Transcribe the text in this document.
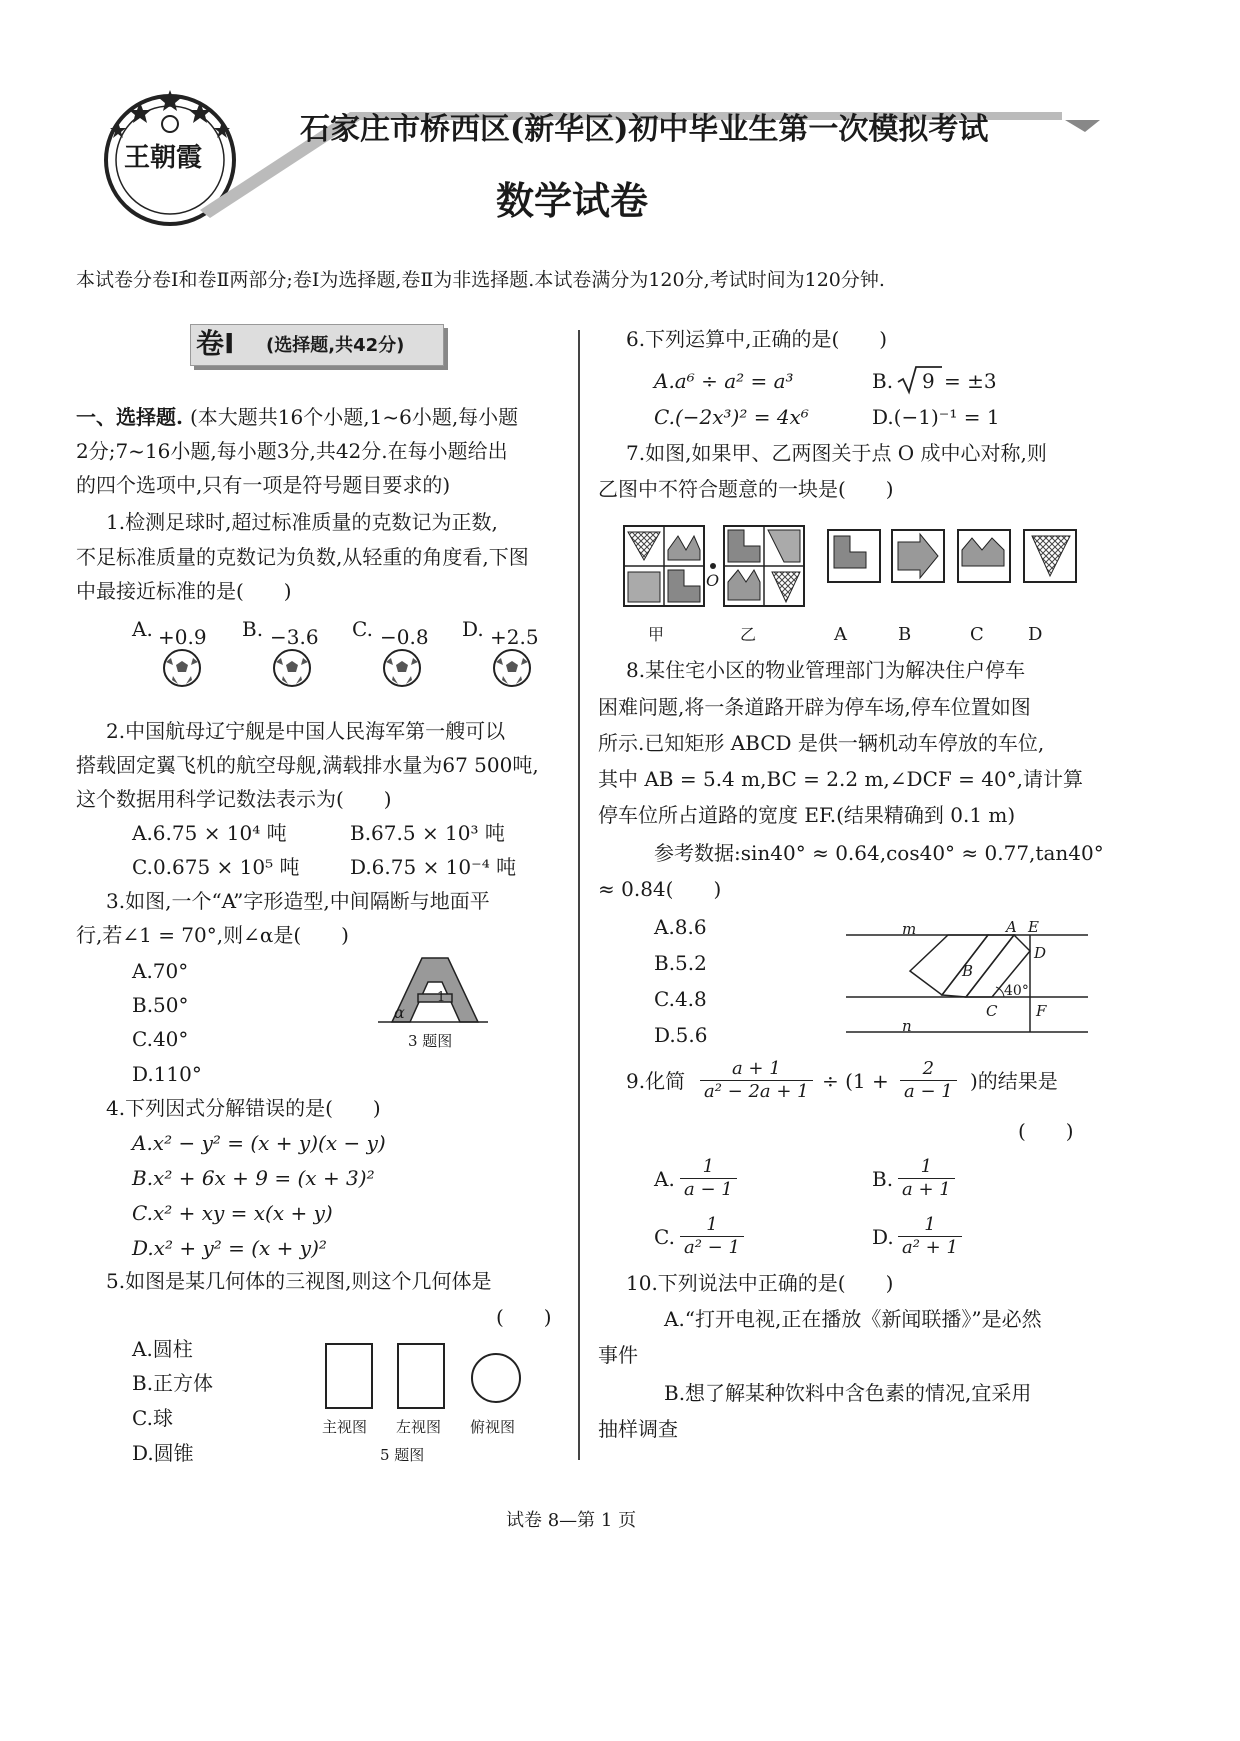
王朝霞
石家庄市桥西区(新华区)初中毕业生第一次模拟考试
数学试卷
本试卷分卷Ⅰ和卷Ⅱ两部分;卷Ⅰ为选择题,卷Ⅱ为非选择题.本试卷满分为120分,考试时间为120分钟.
卷Ⅰ (选择题,共42分)
一、选择题. (本大题共16个小题,1~6小题,每小题
2分;7~16小题,每小题3分,共42分.在每小题给出
的四个选项中,只有一项是符号题目要求的)
1.检测足球时,超过标准质量的克数记为正数,
不足标准质量的克数记为负数,从轻重的角度看,下图
中最接近标准的是(　　)
A. +0.9 B. −3.6 C. −0.8 D. +2.5
2.中国航母辽宁舰是中国人民海军第一艘可以
搭载固定翼飞机的航空母舰,满载排水量为67 500吨,
这个数据用科学记数法表示为(　　)
A.6.75 × 10⁴ 吨	B.67.5 × 10³ 吨
C.0.675 × 10⁵ 吨	D.6.75 × 10⁻⁴ 吨
3.如图,一个“A”字形造型,中间隔断与地面平
行,若∠1 = 70°,则∠α是(　　)
A.70°
B.50°
C.40°
D.110°
α
1
3 题图
4.下列因式分解错误的是(　　)
A.x² − y² = (x + y)(x − y)
B.x² + 6x + 9 = (x + 3)²
C.x² + xy = x(x + y)
D.x² + y² = (x + y)²
5.如图是某几何体的三视图,则这个几何体是
(　　)
A.圆柱
B.正方体
C.球
D.圆锥
主视图 左视图 俯视图
5 题图
6.下列运算中,正确的是(　　)
A.a⁶ ÷ a² = a³	B. 9 = ±3
C.(−2x³)² = 4x⁶	D.(−1)⁻¹ = 1
7.如图,如果甲、乙两图关于点 O 成中心对称,则
乙图中不符合题意的一块是(　　)
O
甲	乙	A	B	C D
8.某住宅小区的物业管理部门为解决住户停车
困难问题,将一条道路开辟为停车场,停车位置如图
所示.已知矩形 ABCD 是供一辆机动车停放的车位,
其中 AB = 5.4 m,BC = 2.2 m,∠DCF = 40°,请计算
停车位所占道路的宽度 EF.(结果精确到 0.1 m)
参考数据:sin40° ≈ 0.64,cos40° ≈ 0.77,tan40°
≈ 0.84(　　)
A.8.6
B.5.2
C.4.8
D.5.6
m	A E
D
B
40°
C	F
n
9.化简 $\frac{a + 1}{\text{a² − 2a + 1}} \div (1 + \frac{2}{a - 1}$ )的结果是
(　　)
A. $\frac{1}{a - 1}$	B. $\frac{1}{a + 1}$
C. $\frac{1}{\text{a² − 1}}$	D. $\frac{1}{\text{a² + 1}}$
10.下列说法中正确的是(　　)
A.“打开电视,正在播放《新闻联播》”是必然
事件
B.想了解某种饮料中含色素的情况,宜采用
抽样调查
试卷 8—第 1 页
